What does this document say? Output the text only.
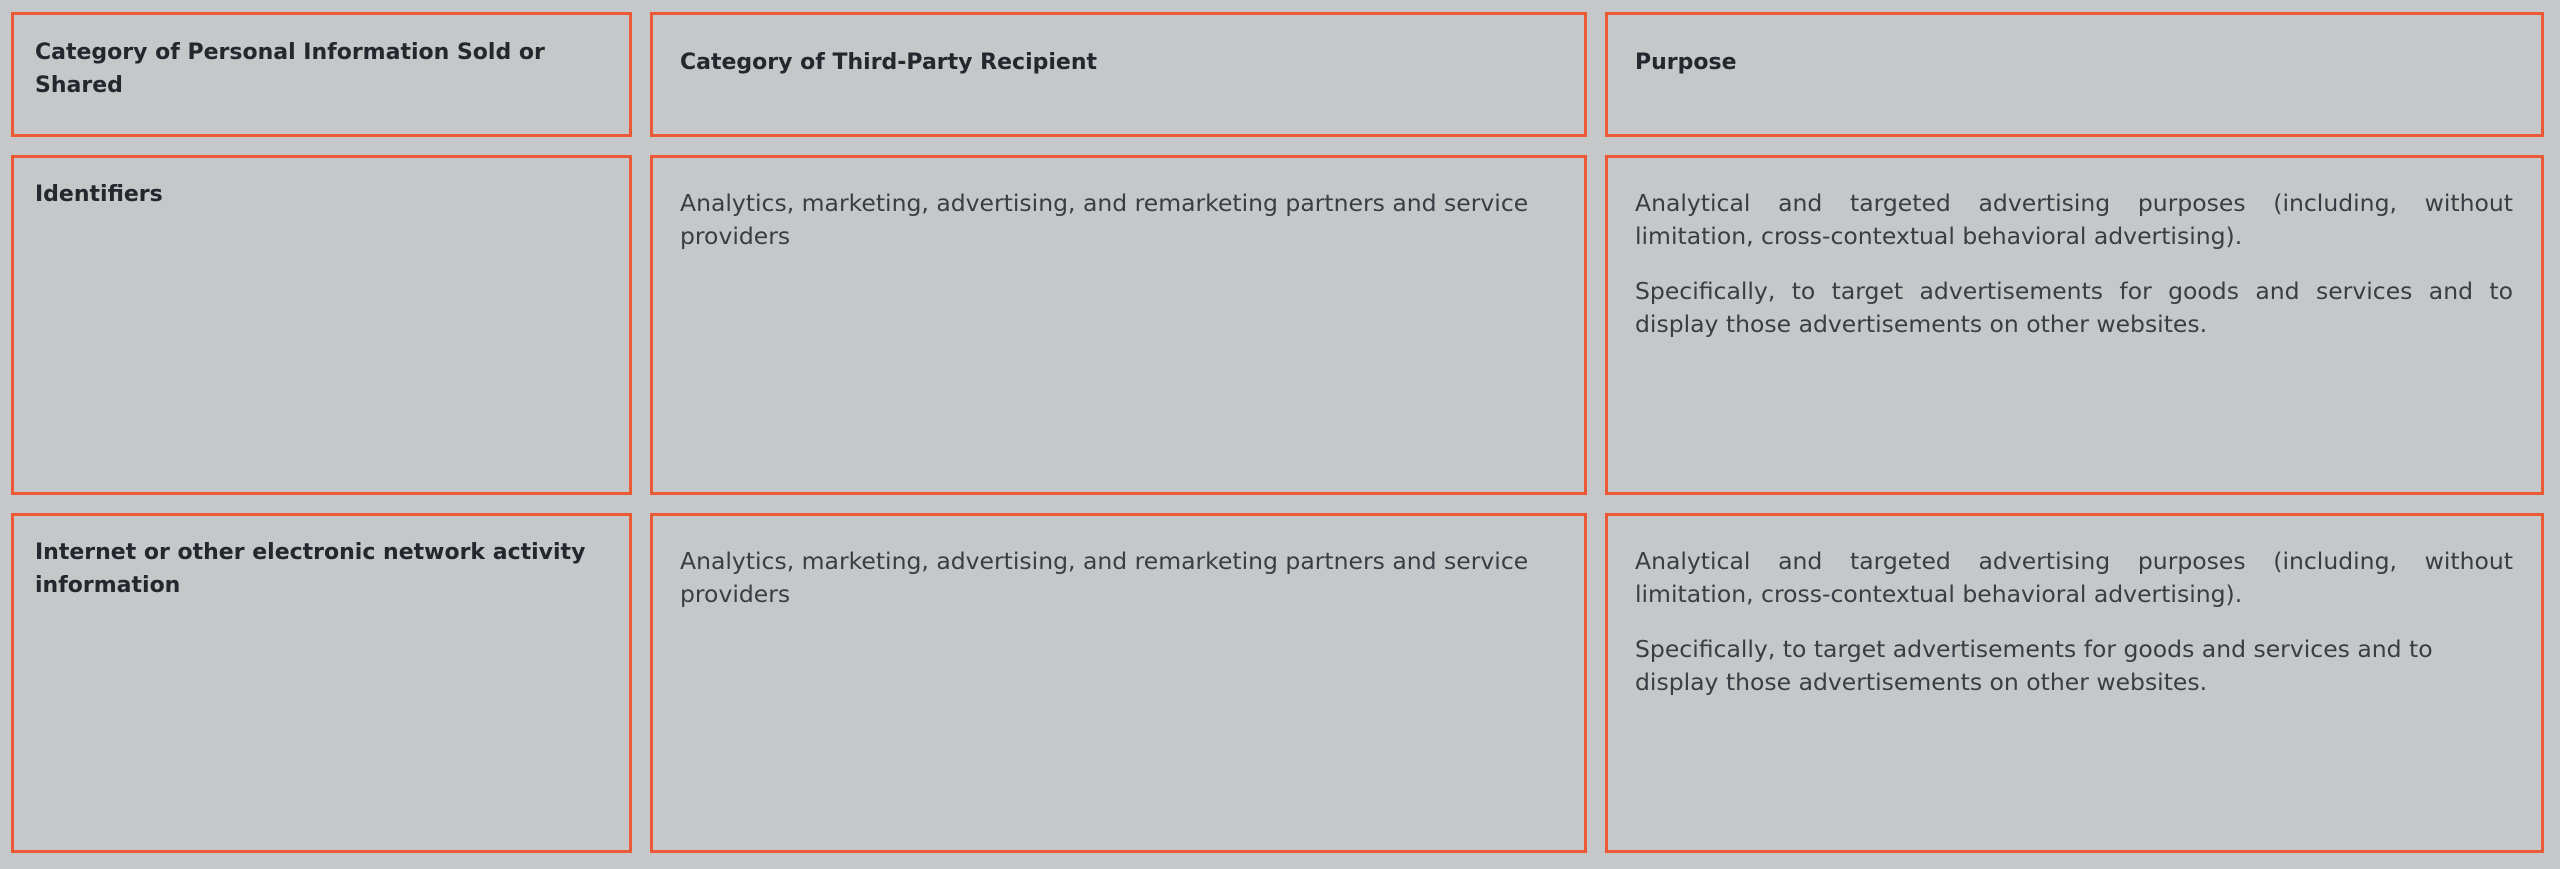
Category of Personal Information Sold or Shared

Category of Third-Party Recipient	Purpose

Identifiers	Analytics, marketing, advertising, and remarketing partners and service providers

Analytical and targeted advertising purposes (including, without limitation, cross-contextual behavioral advertising).

Specifically, to target advertisements for goods and services and to display those advertisements on other websites.

Internet or other electronic network activity information

Analytics, marketing, advertising, and remarketing partners and service providers

Analytical and targeted advertising purposes (including, without limitation, cross-contextual behavioral advertising).

Specifically, to target advertisements for goods and services and to display those advertisements on other websites.
